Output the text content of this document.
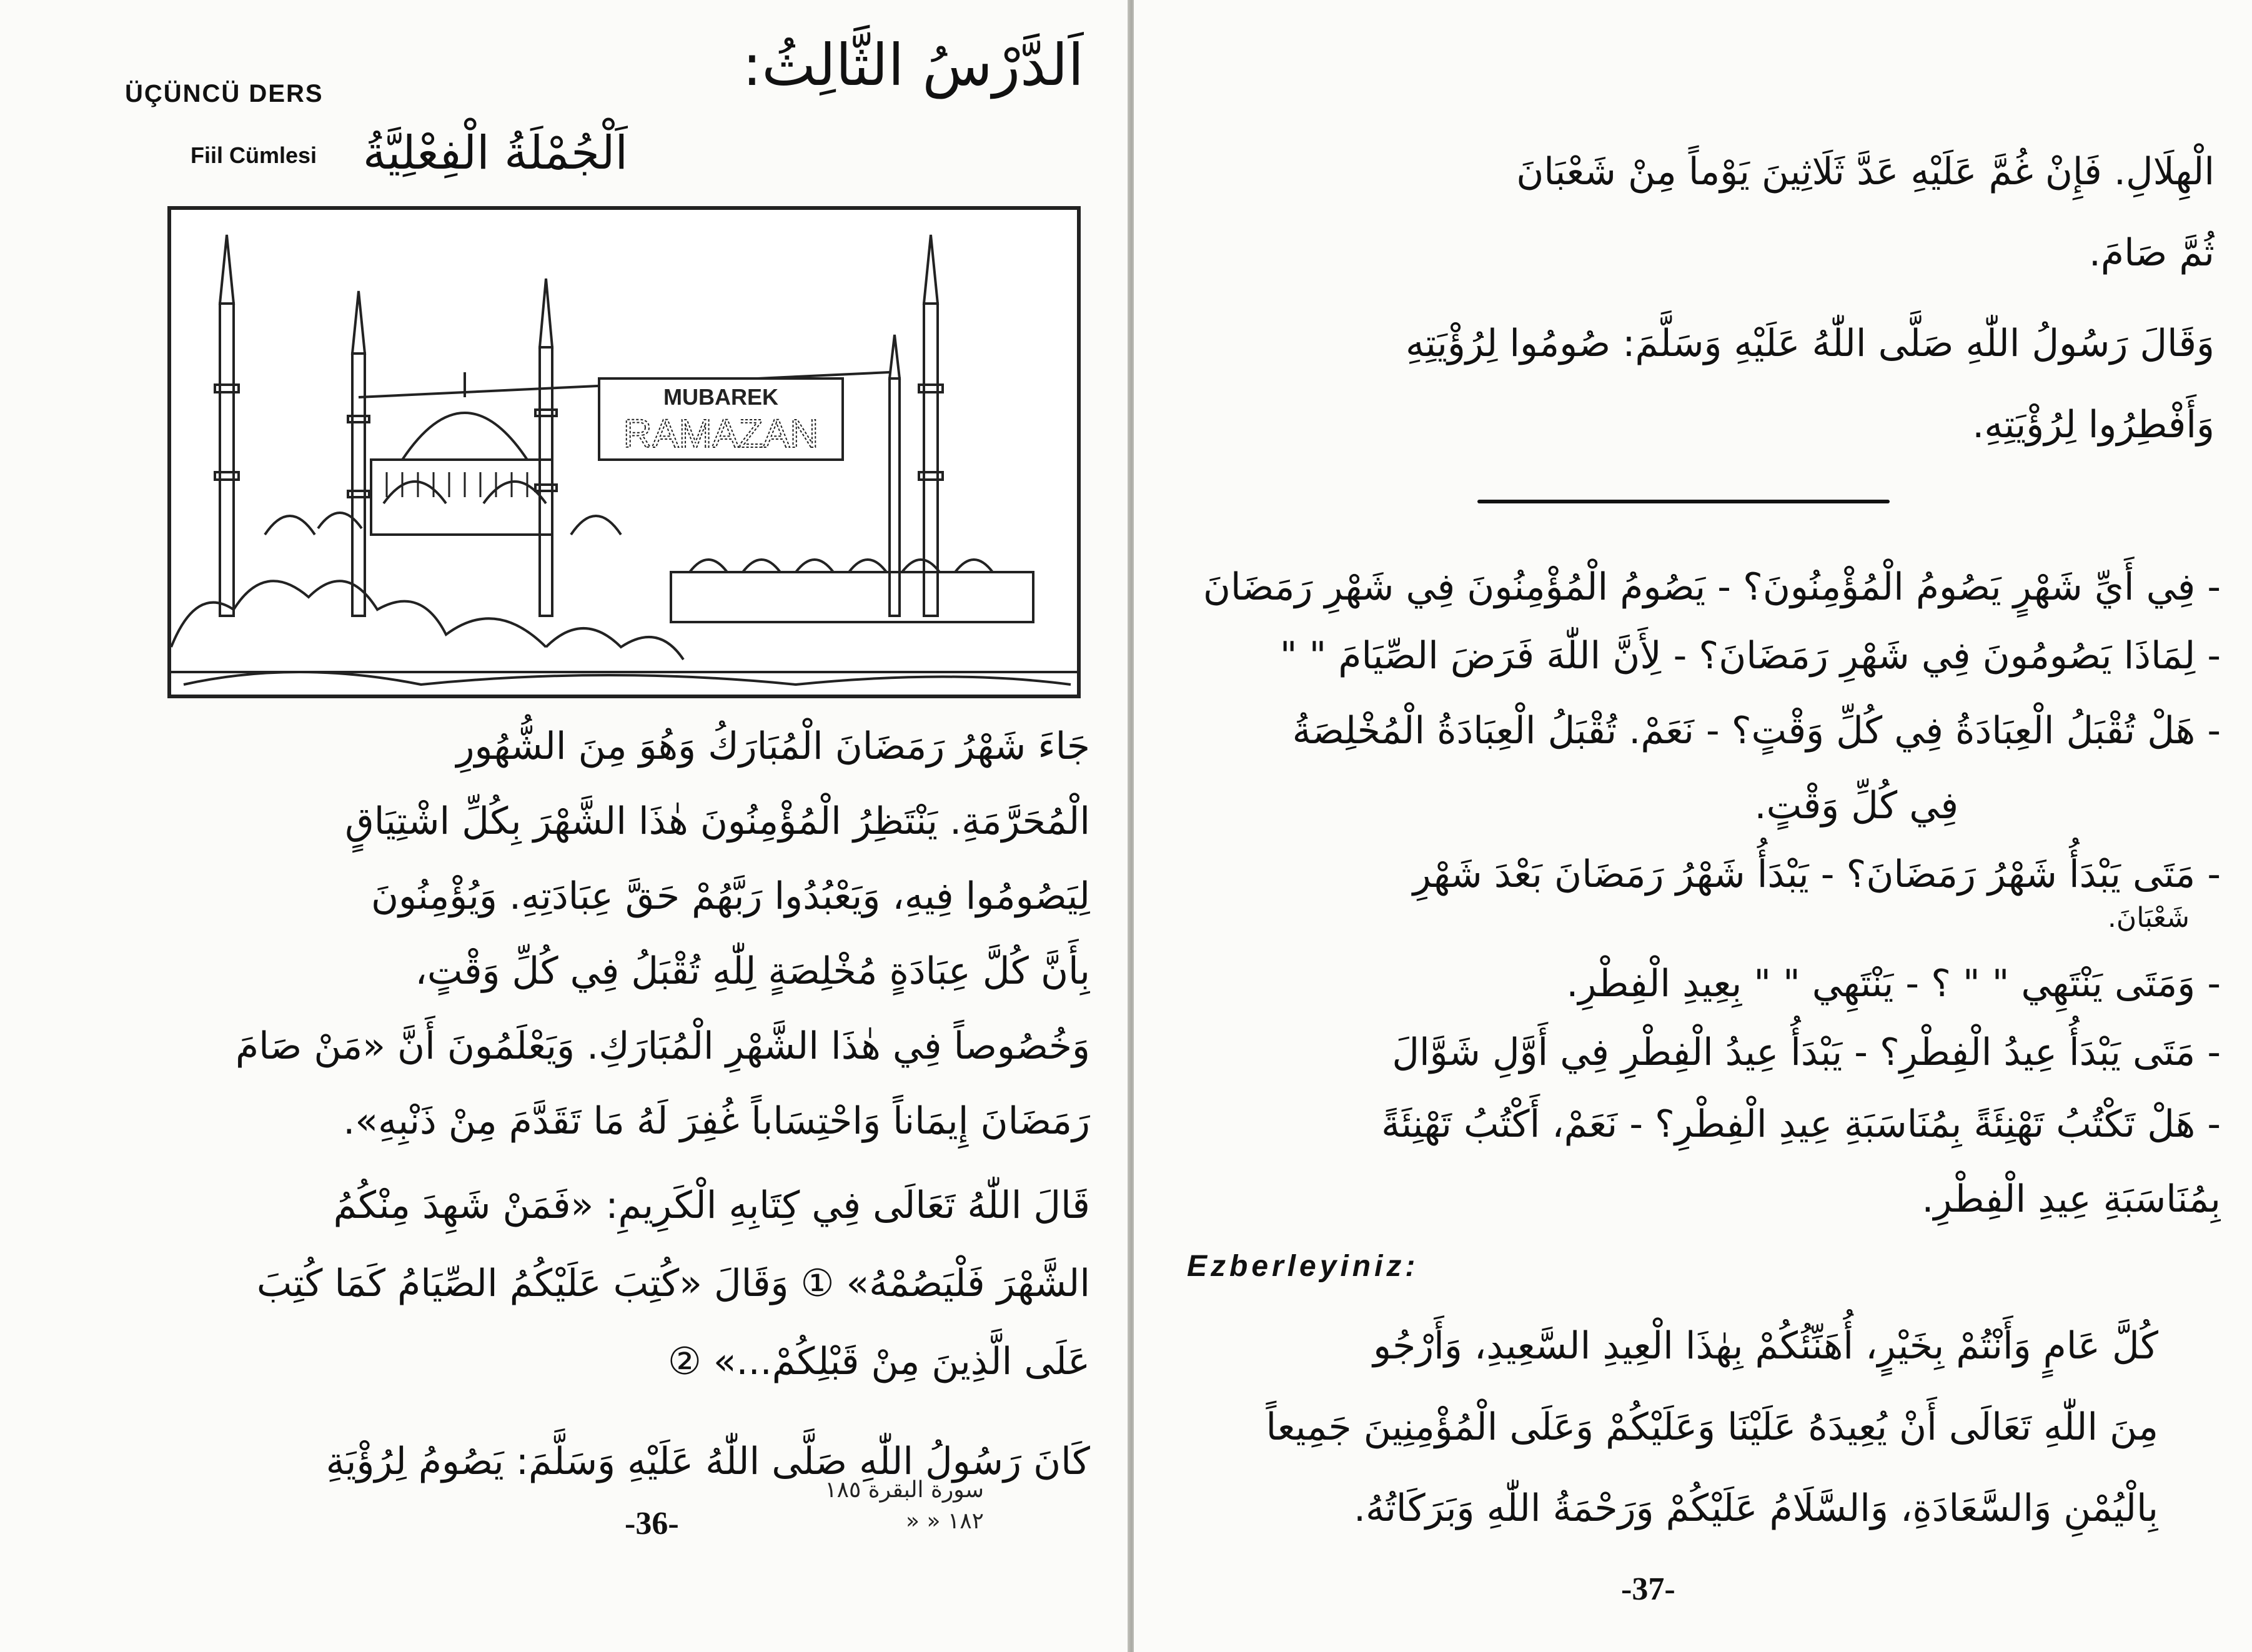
ÜÇÜNCÜ DERS
Fiil Cümlesi
اَلدَّرْسُ الثَّالِثُ:
اَلْجُمْلَةُ الْفِعْلِيَّةُ
MUBAREK
RAMAZAN
جَاءَ شَهْرُ رَمَضَانَ الْمُبَارَكُ وَهُوَ مِنَ الشُّهُورِ
الْمُحَرَّمَةِ. يَنْتَظِرُ الْمُؤْمِنُونَ هٰذَا الشَّهْرَ بِكُلِّ اشْتِيَاقٍ
لِيَصُومُوا فِيهِ، وَيَعْبُدُوا رَبَّهُمْ حَقَّ عِبَادَتِهِ. وَيُؤْمِنُونَ
بِأَنَّ كُلَّ عِبَادَةٍ مُخْلِصَةٍ لِلّٰهِ تُقْبَلُ فِي كُلِّ وَقْتٍ،
وَخُصُوصاً فِي هٰذَا الشَّهْرِ الْمُبَارَكِ. وَيَعْلَمُونَ أَنَّ «مَنْ صَامَ
رَمَضَانَ إِيمَاناً وَاحْتِسَاباً غُفِرَ لَهُ مَا تَقَدَّمَ مِنْ ذَنْبِهِ».
قَالَ اللّٰهُ تَعَالَى فِي كِتَابِهِ الْكَرِيمِ: «فَمَنْ شَهِدَ مِنْكُمُ
الشَّهْرَ فَلْيَصُمْهُ» ① وَقَالَ «كُتِبَ عَلَيْكُمُ الصِّيَامُ كَمَا كُتِبَ
عَلَى الَّذِينَ مِنْ قَبْلِكُمْ...» ②
كَانَ رَسُولُ اللّٰهِ صَلَّى اللّٰهُ عَلَيْهِ وَسَلَّمَ: يَصُومُ لِرُؤْيَةِ
سورة البقرة ١٨٥
١٨٢ « «
-36-
الْهِلَالِ. فَإِنْ غُمَّ عَلَيْهِ عَدَّ ثَلَاثِينَ يَوْماً مِنْ شَعْبَانَ
ثُمَّ صَامَ.
وَقَالَ رَسُولُ اللّٰهِ صَلَّى اللّٰهُ عَلَيْهِ وَسَلَّمَ: صُومُوا لِرُؤْيَتِهِ
وَأَفْطِرُوا لِرُؤْيَتِهِ.
- فِي أَيِّ شَهْرٍ يَصُومُ الْمُؤْمِنُونَ؟ - يَصُومُ الْمُؤْمِنُونَ فِي شَهْرِ رَمَضَانَ
- لِمَاذَا يَصُومُونَ فِي شَهْرِ رَمَضَانَ؟ - لِأَنَّ اللّٰهَ فَرَضَ الصِّيَامَ " "
- هَلْ تُقْبَلُ الْعِبَادَةُ فِي كُلِّ وَقْتٍ؟ - نَعَمْ. تُقْبَلُ الْعِبَادَةُ الْمُخْلِصَةُ
فِي كُلِّ وَقْتٍ.
- مَتَى يَبْدَأُ شَهْرُ رَمَضَانَ؟ - يَبْدَأُ شَهْرُ رَمَضَانَ بَعْدَ شَهْرِ
شَعْبَانَ.
- وَمَتَى يَنْتَهِي " " ؟ - يَنْتَهِي " " بِعِيدِ الْفِطْرِ.
- مَتَى يَبْدَأُ عِيدُ الْفِطْرِ؟ - يَبْدَأُ عِيدُ الْفِطْرِ فِي أَوَّلِ شَوَّالَ
- هَلْ تَكْتُبُ تَهْنِئَةً بِمُنَاسَبَةِ عِيدِ الْفِطْرِ؟ - نَعَمْ، أَكْتُبُ تَهْنِئَةً
بِمُنَاسَبَةِ عِيدِ الْفِطْرِ.
Ezberleyiniz:
كُلَّ عَامٍ وَأَنْتُمْ بِخَيْرٍ، أُهَنِّئُكُمْ بِهٰذَا الْعِيدِ السَّعِيدِ، وَأَرْجُو
مِنَ اللّٰهِ تَعَالَى أَنْ يُعِيدَهُ عَلَيْنَا وَعَلَيْكُمْ وَعَلَى الْمُؤْمِنِينَ جَمِيعاً
بِالْيُمْنِ وَالسَّعَادَةِ، وَالسَّلَامُ عَلَيْكُمْ وَرَحْمَةُ اللّٰهِ وَبَرَكَاتُهُ.
-37-
